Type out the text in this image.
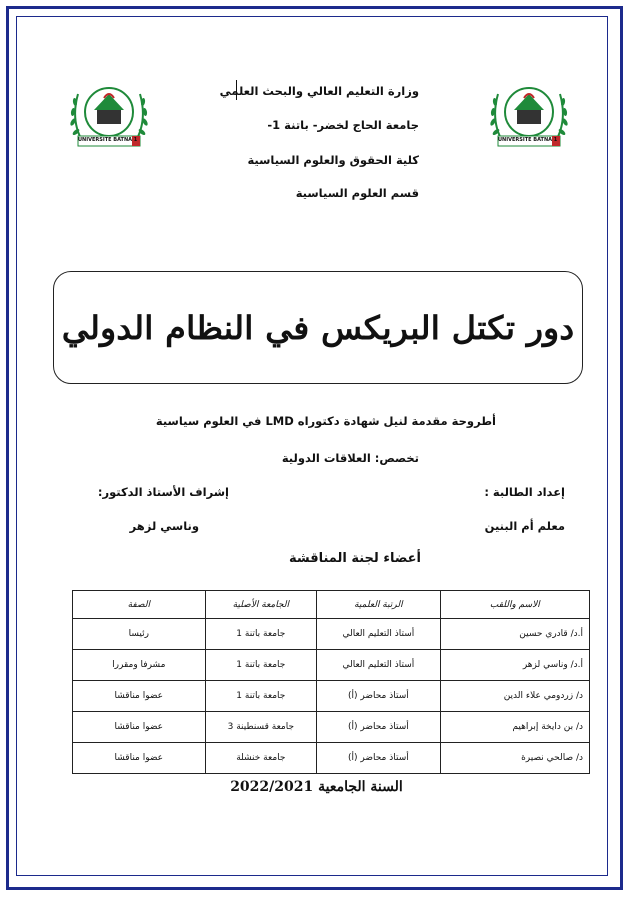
UNIVERSITE BATNA 1	UNIVERSITE BATNA 1
وزارة التعليم العالي والبحث العلمي
جامعة الحاج لخضر- باتنة 1-
كلية الحقوق والعلوم السياسية
قسم العلوم السياسية
دور تكتل البريكس في النظام الدولي
أطروحة مقدمة لنيل شهادة دكتوراه LMD في العلوم سياسية
تخصص: العلاقات الدولية
إعداد الطالبة :
إشراف الأستاذ الدكتور:
معلم أم البنين
وناسي لزهر
أعضاء لجنة المناقشة
الاسم واللقب	الرتبة العلمية	الجامعة الأصلية	الصفة
أ.د/ قادري حسين	أستاذ التعليم العالي	جامعة باتنة 1	رئيسا
أ.د/ وناسي لزهر	أستاذ التعليم العالي	جامعة باتنة 1	مشرفا ومقررا
د/ زردومي علاء الدين	أستاذ محاضر (أ)	جامعة باتنة 1	عضوا مناقشا
د/ بن دايخة إبراهيم	أستاذ محاضر (أ)	جامعة قسنطينة 3	عضوا مناقشا
د/ صالحي نصيرة	أستاذ محاضر (أ)	جامعة خنشلة	عضوا مناقشا
السنة الجامعية 2022/2021
